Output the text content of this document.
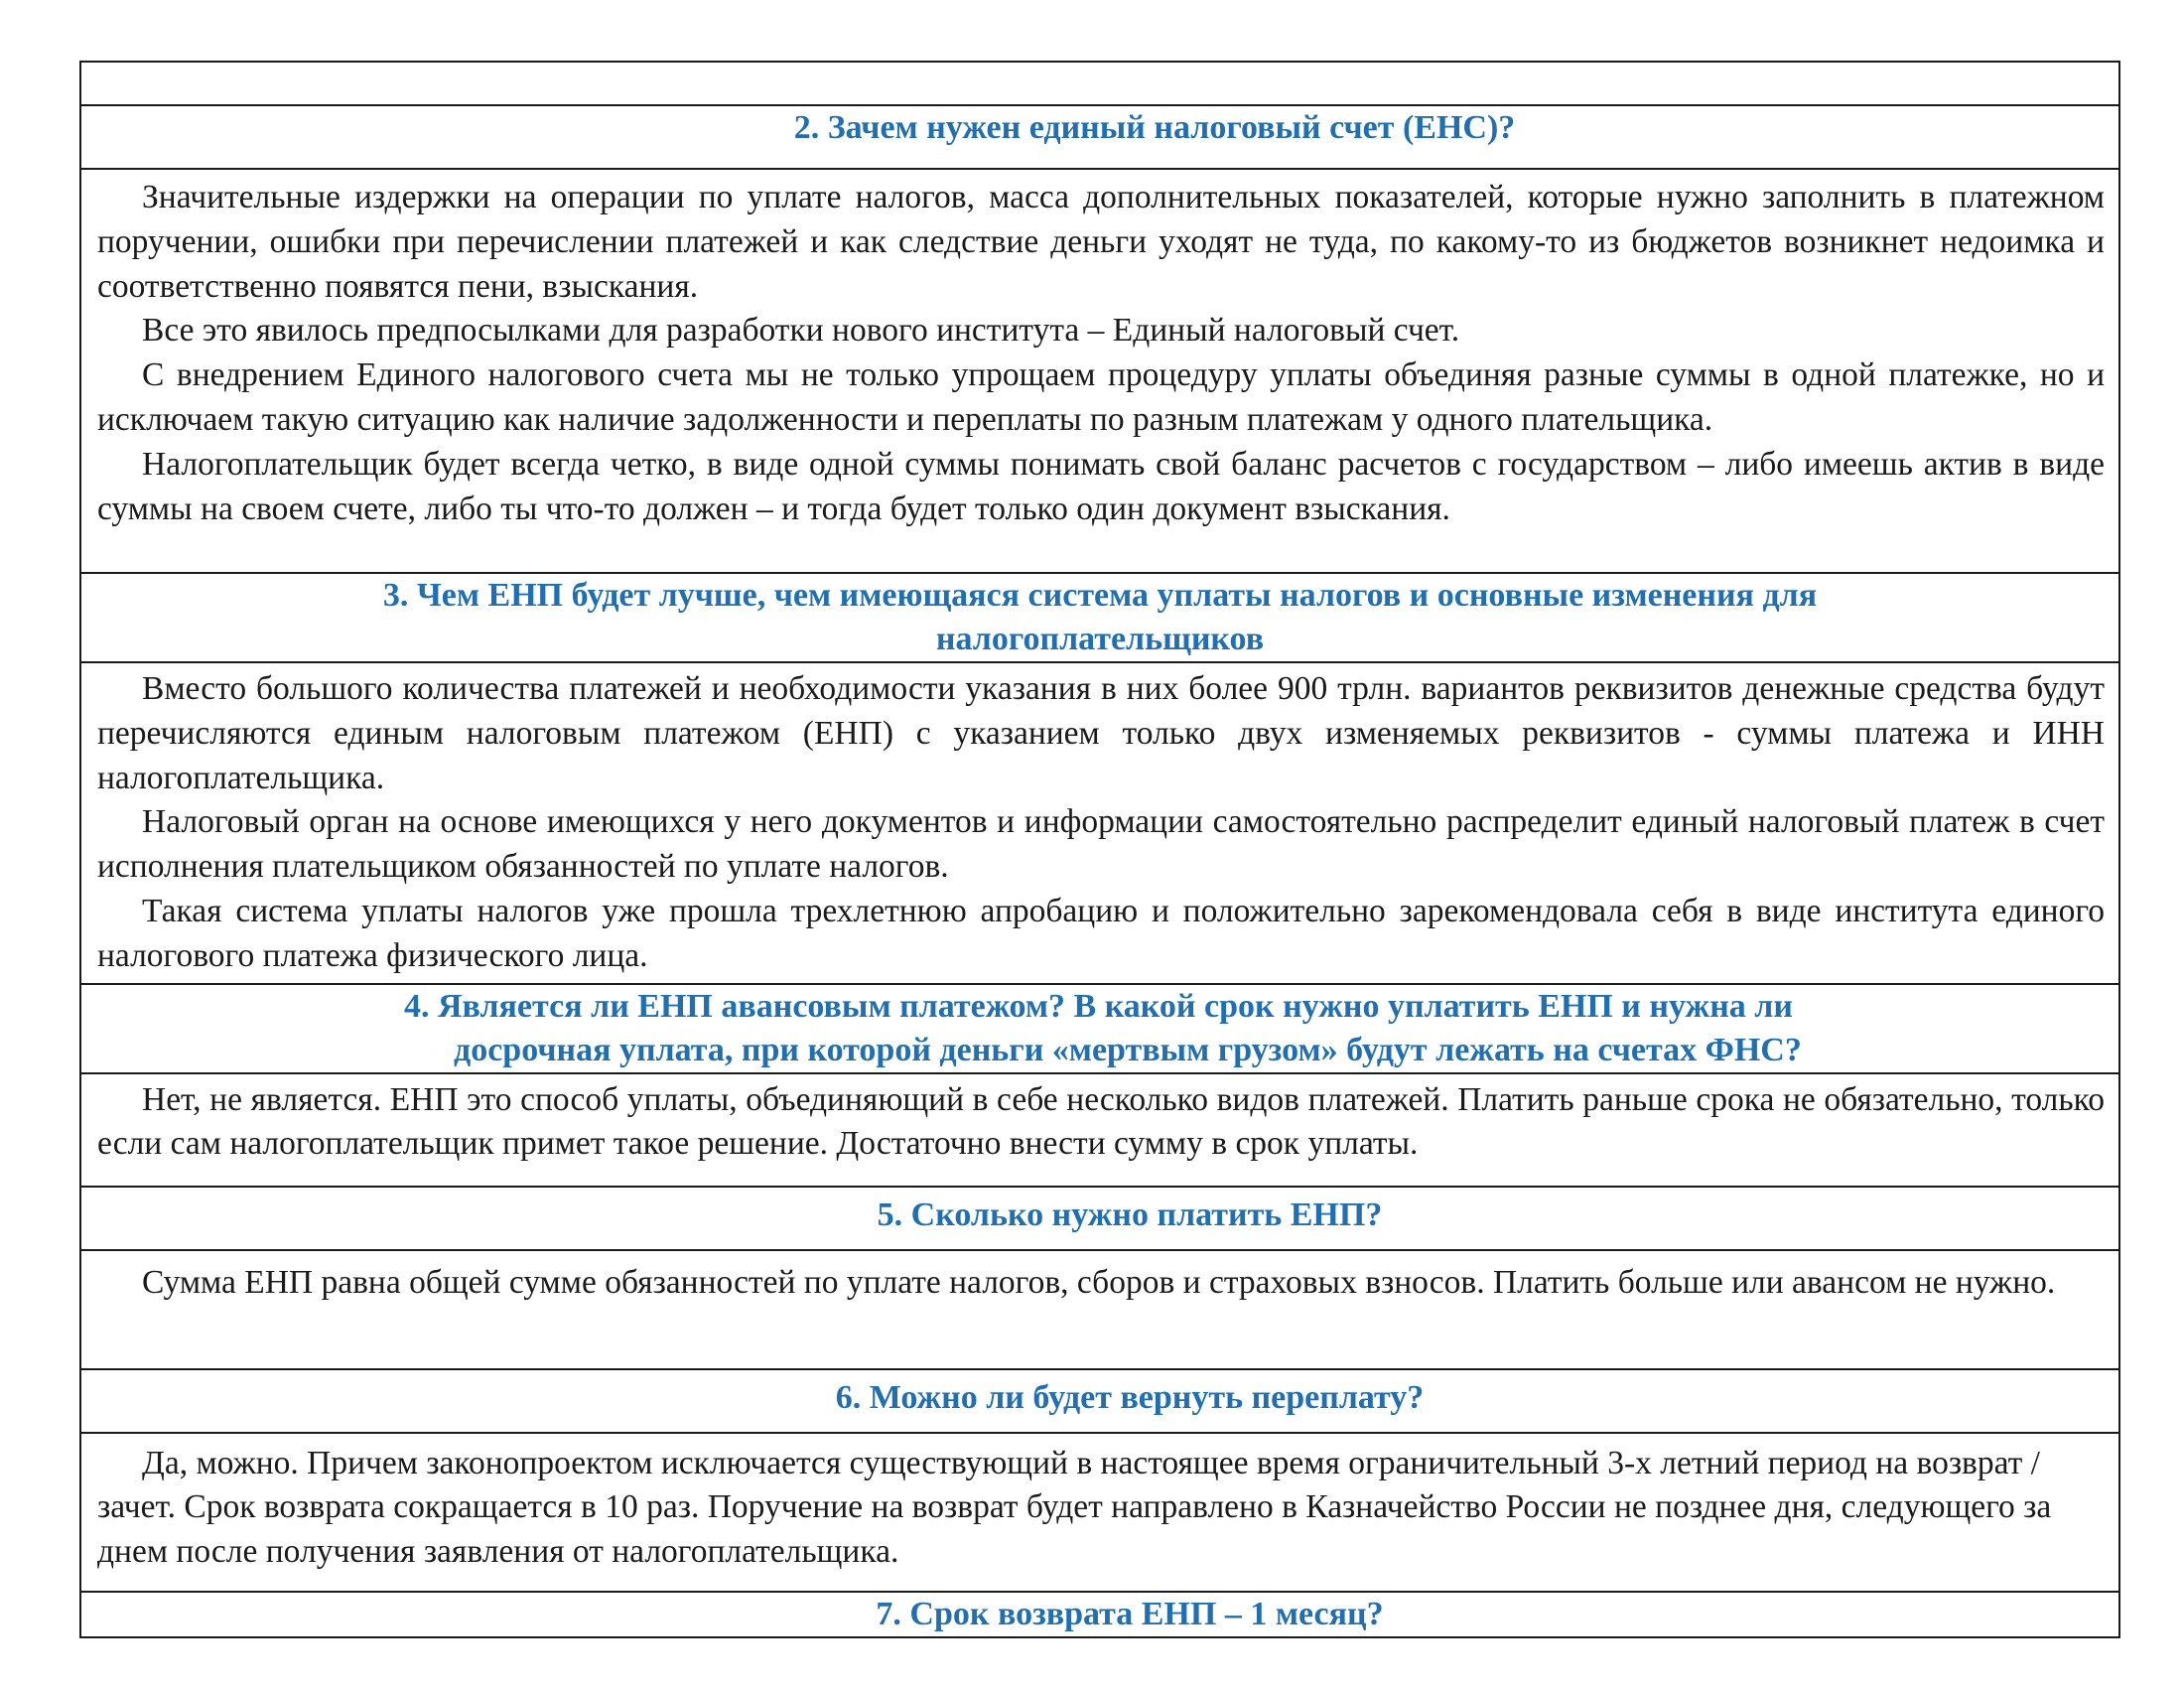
2. Зачем нужен единый налоговый счет (ЕНС)?

Значительные издержки на операции по уплате налогов, масса дополнительных показателей, которые нужно заполнить в платежном поручении, ошибки при перечислении платежей и как следствие деньги уходят не туда, по какому-то из бюджетов возникнет недоимка и соответственно появятся пени, взыскания.

Все это явилось предпосылками для разработки нового института – Единый налоговый счет.

С внедрением Единого налогового счета мы не только упрощаем процедуру уплаты объединяя разные суммы в одной платежке, но и исключаем такую ситуацию как наличие задолженности и переплаты по разным платежам у одного плательщика.

Налогоплательщик будет всегда четко, в виде одной суммы понимать свой баланс расчетов с государством – либо имеешь актив в виде суммы на своем счете, либо ты что-то должен – и тогда будет только один документ взыскания.

3. Чем ЕНП будет лучше, чем имеющаяся система уплаты налогов и основные изменения для
налогоплательщиков

Вместо большого количества платежей и необходимости указания в них более 900 трлн. вариантов реквизитов денежные средства будут перечисляются единым налоговым платежом (ЕНП) с указанием только двух изменяемых реквизитов - суммы платежа и ИНН налогоплательщика.

Налоговый орган на основе имеющихся у него документов и информации самостоятельно распределит единый налоговый платеж в счет исполнения плательщиком обязанностей по уплате налогов.

Такая система уплаты налогов уже прошла трехлетнюю апробацию и положительно зарекомендовала себя в виде института единого налогового платежа физического лица.

4. Является ли ЕНП авансовым платежом? В какой срок нужно уплатить ЕНП и нужна ли
досрочная уплата, при которой деньги «мертвым грузом» будут лежать на счетах ФНС?

Нет, не является. ЕНП это способ уплаты, объединяющий в себе несколько видов платежей. Платить раньше срока не обязательно, только если сам налогоплательщик примет такое решение. Достаточно внести сумму в срок уплаты.

5. Сколько нужно платить ЕНП?

Сумма ЕНП равна общей сумме обязанностей по уплате налогов, сборов и страховых взносов. Платить больше или авансом не нужно.

6. Можно ли будет вернуть переплату?

Да, можно. Причем законопроектом исключается существующий в настоящее время ограничительный 3-х летний период на возврат / зачет. Срок возврата сокращается в 10 раз. Поручение на возврат будет направлено в Казначейство России не позднее дня, следующего за днем после получения заявления от налогоплательщика.

7. Срок возврата ЕНП – 1 месяц?
